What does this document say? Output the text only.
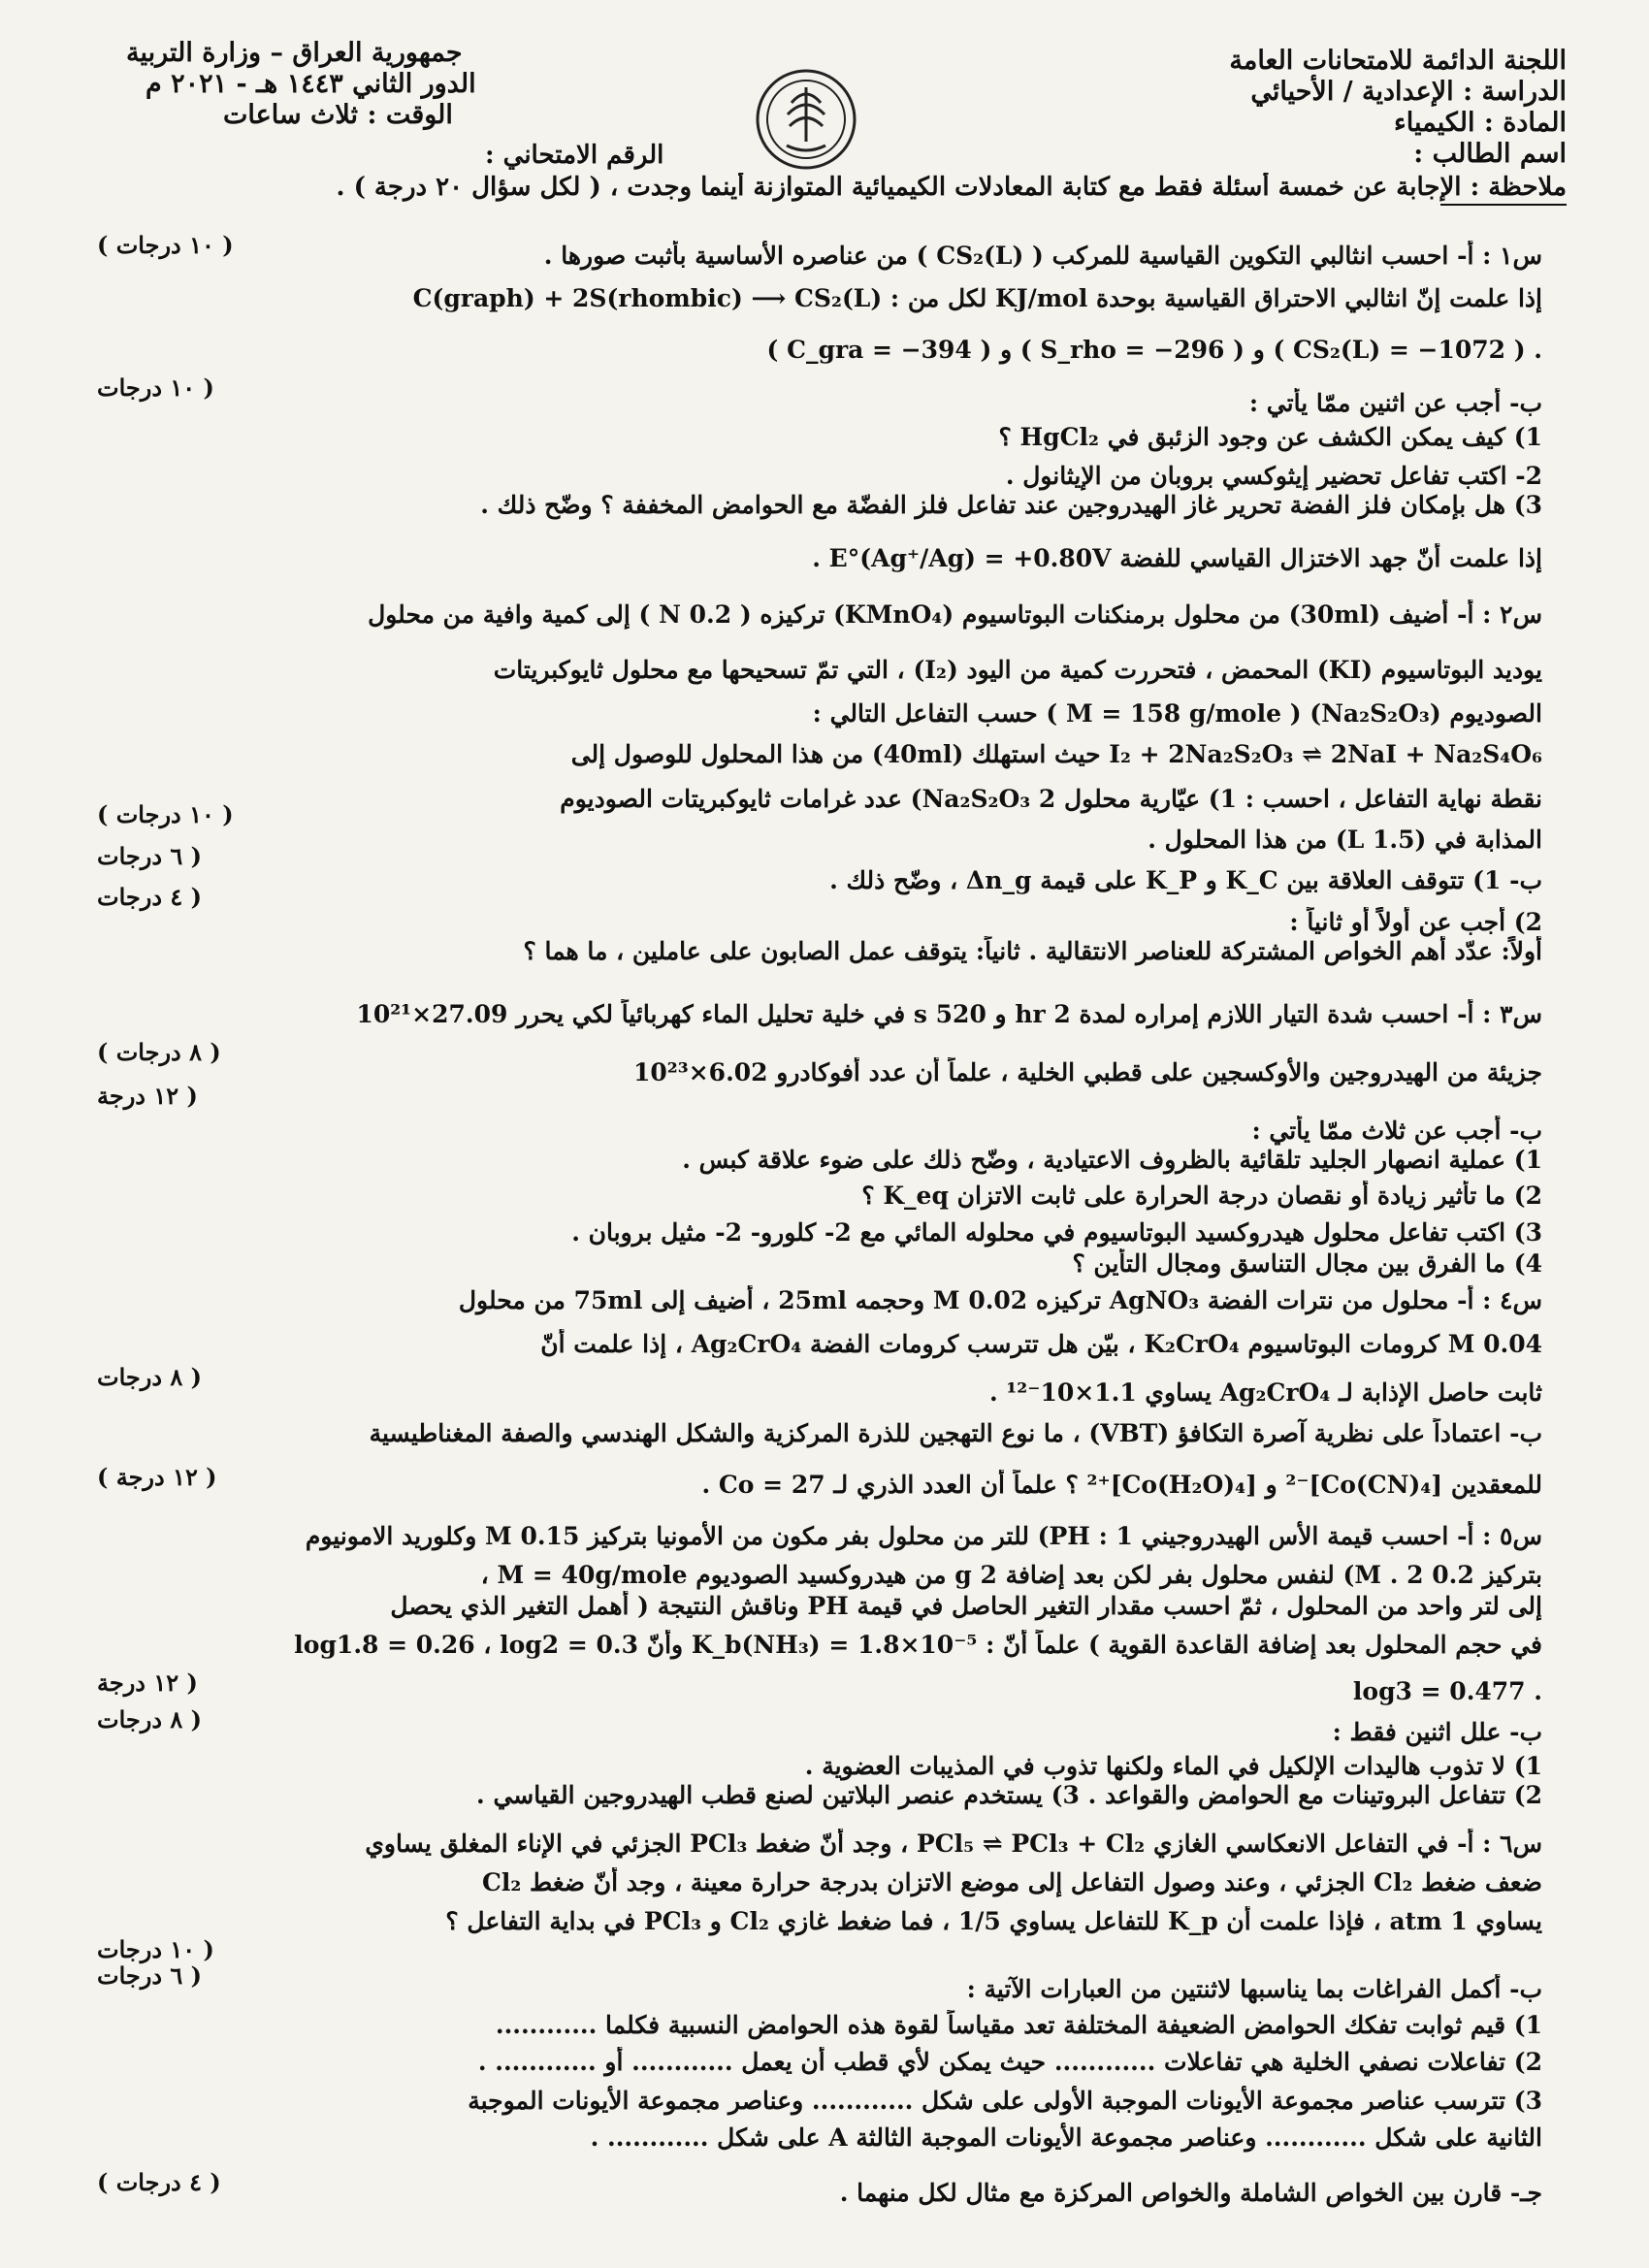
اللجنة الدائمة للامتحانات العامة
الدراسة : الإعدادية / الأحيائي
المادة : الكيمياء
اسم الطالب :
جمهورية العراق – وزارة التربية
الدور الثاني ١٤٤٣ هـ - ٢٠٢١ م
الوقت : ثلاث ساعات
الرقم الامتحاني :
ملاحظة : الإجابة عن خمسة أسئلة فقط مع كتابة المعادلات الكيميائية المتوازنة أينما وجدت ، ( لكل سؤال ٢٠ درجة ) .
س١ : أ- احسب انثالبي التكوين القياسية للمركب ( CS₂(L) ) من عناصره الأساسية بأثبت صورها .
إذا علمت إنّ انثالبي الاحتراق القياسية بوحدة KJ/mol لكل من : C(graph) + 2S(rhombic) ⟶ CS₂(L)
. ( CS₂(L) = −1072 ) و ( S_rho = −296 ) و ( C_gra = −394 )
ب- أجب عن اثنين ممّا يأتي :
1) كيف يمكن الكشف عن وجود الزئبق في HgCl₂ ؟
2- اكتب تفاعل تحضير إيثوكسي بروبان من الإيثانول .
3) هل بإمكان فلز الفضة تحرير غاز الهيدروجين عند تفاعل فلز الفضّة مع الحوامض المخففة ؟ وضّح ذلك .
إذا علمت أنّ جهد الاختزال القياسي للفضة E°(Ag⁺/Ag) = +0.80V .
س٢ : أ- أضيف (30ml) من محلول برمنكنات البوتاسيوم (KMnO₄) تركيزه ( 0.2 N ) إلى كمية وافية من محلول
يوديد البوتاسيوم (KI) المحمض ، فتحررت كمية من اليود (I₂) ، التي تمّ تسحيحها مع محلول ثايوكبريتات
الصوديوم (Na₂S₂O₃) ( M = 158 g/mole ) حسب التفاعل التالي :
I₂ + 2Na₂S₂O₃ ⇌ 2NaI + Na₂S₄O₆ حيث استهلك (40ml) من هذا المحلول للوصول إلى
نقطة نهاية التفاعل ، احسب : 1) عيّارية محلول Na₂S₂O₃ 2) عدد غرامات ثايوكبريتات الصوديوم
المذابة في (1.5 L) من هذا المحلول .
ب- 1) تتوقف العلاقة بين K_C و K_P على قيمة Δn_g ، وضّح ذلك .
2) أجب عن أولاً أو ثانياً :
أولاً: عدّد أهم الخواص المشتركة للعناصر الانتقالية . ثانياً: يتوقف عمل الصابون على عاملين ، ما هما ؟
س٣ : أ- احسب شدة التيار اللازم إمراره لمدة 2 hr و 520 s في خلية تحليل الماء كهربائياً لكي يحرر 27.09×10²¹
جزيئة من الهيدروجين والأوكسجين على قطبي الخلية ، علماً أن عدد أفوكادرو 6.02×10²³
ب- أجب عن ثلاث ممّا يأتي :
1) عملية انصهار الجليد تلقائية بالظروف الاعتيادية ، وضّح ذلك على ضوء علاقة كبس .
2) ما تأثير زيادة أو نقصان درجة الحرارة على ثابت الاتزان K_eq ؟
3) اكتب تفاعل محلول هيدروكسيد البوتاسيوم في محلوله المائي مع 2- كلورو- 2- مثيل بروبان .
4) ما الفرق بين مجال التناسق ومجال التأين ؟
س٤ : أ- محلول من نترات الفضة AgNO₃ تركيزه 0.02 M وحجمه 25ml ، أضيف إلى 75ml من محلول
0.04 M كرومات البوتاسيوم K₂CrO₄ ، بيّن هل تترسب كرومات الفضة Ag₂CrO₄ ، إذا علمت أنّ
ثابت حاصل الإذابة لـ Ag₂CrO₄ يساوي 1.1×10⁻¹² .
ب- اعتماداً على نظرية آصرة التكافؤ (VBT) ، ما نوع التهجين للذرة المركزية والشكل الهندسي والصفة المغناطيسية
للمعقدين [Co(CN)₄]⁻² و [Co(H₂O)₄]⁺² ؟ علماً أن العدد الذري لـ Co = 27 .
س٥ : أ- احسب قيمة الأس الهيدروجيني PH : 1) للتر من محلول بفر مكون من الأمونيا بتركيز 0.15 M وكلوريد الامونيوم
بتركيز 0.2 M . 2) لنفس محلول بفر لكن بعد إضافة 2 g من هيدروكسيد الصوديوم M = 40g/mole ،
إلى لتر واحد من المحلول ، ثمّ احسب مقدار التغير الحاصل في قيمة PH وناقش النتيجة ( أهمل التغير الذي يحصل
في حجم المحلول بعد إضافة القاعدة القوية ) علماً أنّ : K_b(NH₃) = 1.8×10⁻⁵ وأنّ log1.8 = 0.26 ، log2 = 0.3
. log3 = 0.477
ب- علل اثنين فقط :
1) لا تذوب هاليدات الإلكيل في الماء ولكنها تذوب في المذيبات العضوية .
2) تتفاعل البروتينات مع الحوامض والقواعد . 3) يستخدم عنصر البلاتين لصنع قطب الهيدروجين القياسي .
س٦ : أ- في التفاعل الانعكاسي الغازي PCl₅ ⇌ PCl₃ + Cl₂ ، وجد أنّ ضغط PCl₃ الجزئي في الإناء المغلق يساوي
ضعف ضغط Cl₂ الجزئي ، وعند وصول التفاعل إلى موضع الاتزان بدرجة حرارة معينة ، وجد أنّ ضغط Cl₂
يساوي 1 atm ، فإذا علمت أن K_p للتفاعل يساوي 1/5 ، فما ضغط غازي Cl₂ و PCl₃ في بداية التفاعل ؟
ب- أكمل الفراغات بما يناسبها لاثنتين من العبارات الآتية :
1) قيم ثوابت تفكك الحوامض الضعيفة المختلفة تعد مقياساً لقوة هذه الحوامض النسبية فكلما ............
2) تفاعلات نصفي الخلية هي تفاعلات ............ حيث يمكن لأي قطب أن يعمل ............ أو ............ .
3) تترسب عناصر مجموعة الأيونات الموجبة الأولى على شكل ............ وعناصر مجموعة الأيونات الموجبة
الثانية على شكل ............ وعناصر مجموعة الأيونات الموجبة الثالثة A على شكل ............ .
جـ- قارن بين الخواص الشاملة والخواص المركزة مع مثال لكل منهما .
( ١٠ درجات )
( ١٠ درجات
( ١٠ درجات )
( ٦ درجات
( ٤ درجات
( ٨ درجات )
( ١٢ درجة
( ٨ درجات
( ١٢ درجة )
( ١٢ درجة
( ٨ درجات
( ١٠ درجات
( ٦ درجات
( ٤ درجات )
